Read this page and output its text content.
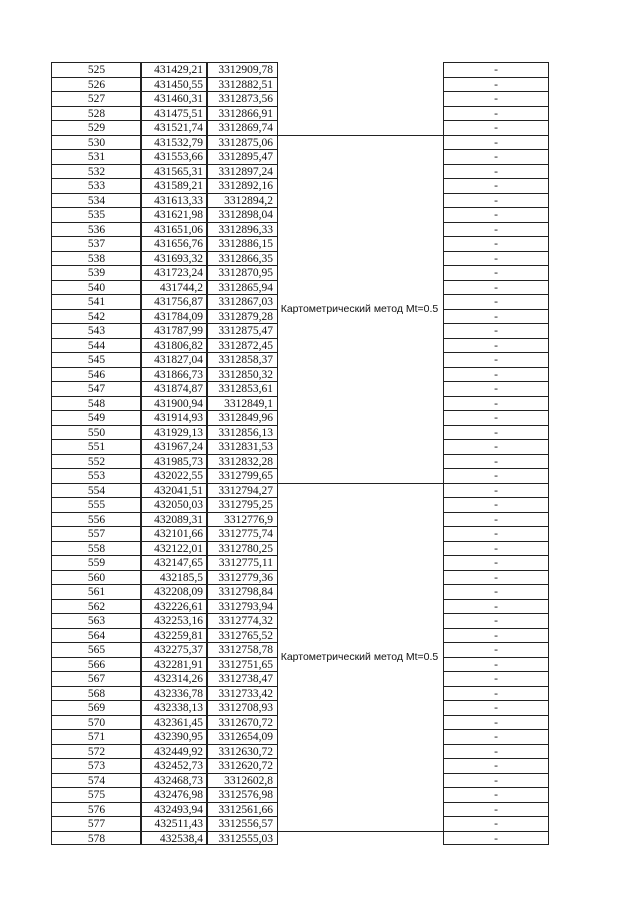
525
526
527
528
529
530
531
532
533
534
535
536
537
538
539
540
541
542
543
544
545
546
547
548
549
550
551
552
553
554
555
556
557
558
559
560
561
562
563
564
565
566
567
568
569
570
571
572
573
574
575
576
577
578
431429,21
431450,55
431460,31
431475,51
431521,74
431532,79
431553,66
431565,31
431589,21
431613,33
431621,98
431651,06
431656,76
431693,32
431723,24
431744,2
431756,87
431784,09
431787,99
431806,82
431827,04
431866,73
431874,87
431900,94
431914,93
431929,13
431967,24
431985,73
432022,55
432041,51
432050,03
432089,31
432101,66
432122,01
432147,65
432185,5
432208,09
432226,61
432253,16
432259,81
432275,37
432281,91
432314,26
432336,78
432338,13
432361,45
432390,95
432449,92
432452,73
432468,73
432476,98
432493,94
432511,43
432538,4
3312909,78
3312882,51
3312873,56
3312866,91
3312869,74
3312875,06
3312895,47
3312897,24
3312892,16
3312894,2
3312898,04
3312896,33
3312886,15
3312866,35
3312870,95
3312865,94
3312867,03
3312879,28
3312875,47
3312872,45
3312858,37
3312850,32
3312853,61
3312849,1
3312849,96
3312856,13
3312831,53
3312832,28
3312799,65
3312794,27
3312795,25
3312776,9
3312775,74
3312780,25
3312775,11
3312779,36
3312798,84
3312793,94
3312774,32
3312765,52
3312758,78
3312751,65
3312738,47
3312733,42
3312708,93
3312670,72
3312654,09
3312630,72
3312620,72
3312602,8
3312576,98
3312561,66
3312556,57
3312555,03
-
-
-
-
-
-
-
-
-
-
-
-
-
-
-
-
-
-
-
-
-
-
-
-
-
-
-
-
-
-
-
-
-
-
-
-
-
-
-
-
-
-
-
-
-
-
-
-
-
-
-
-
-
-
Картометрический метод Mt=0.5
Картометрический метод Mt=0.5
